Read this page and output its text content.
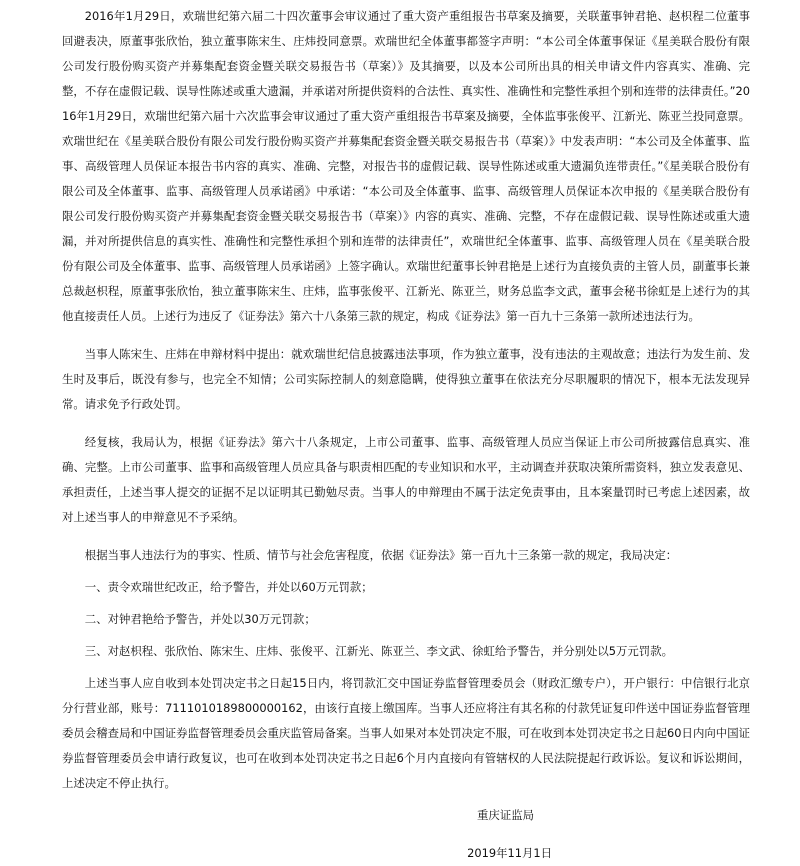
2016年1月29日，欢瑞世纪第六届二十四次董事会审议通过了重大资产重组报告书草案及摘要，关联董事钟君艳、赵枳程二位董事回避表决，原董事张欣怡，独立董事陈宋生、庄炜投同意票。欢瑞世纪全体董事都签字声明：“本公司全体董事保证《星美联合股份有限公司发行股份购买资产并募集配套资金暨关联交易报告书（草案）》及其摘要，以及本公司所出具的相关申请文件内容真实、准确、完整，不存在虚假记载、误导性陈述或重大遗漏，并承诺对所提供资料的合法性、真实性、准确性和完整性承担个别和连带的法律责任。”2016年1月29日，欢瑞世纪第六届十六次监事会审议通过了重大资产重组报告书草案及摘要，全体监事张俊平、江新光、陈亚兰投同意票。欢瑞世纪在《星美联合股份有限公司发行股份购买资产并募集配套资金暨关联交易报告书（草案）》中发表声明：“本公司及全体董事、监事、高级管理人员保证本报告书内容的真实、准确、完整，对报告书的虚假记载、误导性陈述或重大遗漏负连带责任。”《星美联合股份有限公司及全体董事、监事、高级管理人员承诺函》中承诺：“本公司及全体董事、监事、高级管理人员保证本次申报的《星美联合股份有限公司发行股份购买资产并募集配套资金暨关联交易报告书（草案）》内容的真实、准确、完整，不存在虚假记载、误导性陈述或重大遗漏，并对所提供信息的真实性、准确性和完整性承担个别和连带的法律责任”，欢瑞世纪全体董事、监事、高级管理人员在《星美联合股份有限公司及全体董事、监事、高级管理人员承诺函》上签字确认。欢瑞世纪董事长钟君艳是上述行为直接负责的主管人员，副董事长兼总裁赵枳程，原董事张欣怡，独立董事陈宋生、庄炜，监事张俊平、江新光、陈亚兰，财务总监李文武，董事会秘书徐虹是上述行为的其他直接责任人员。上述行为违反了《证券法》第六十八条第三款的规定，构成《证券法》第一百九十三条第一款所述违法行为。

当事人陈宋生、庄炜在申辩材料中提出：就欢瑞世纪信息披露违法事项，作为独立董事，没有违法的主观故意；违法行为发生前、发生时及事后，既没有参与，也完全不知情；公司实际控制人的刻意隐瞒，使得独立董事在依法充分尽职履职的情况下，根本无法发现异常。请求免予行政处罚。

经复核，我局认为，根据《证券法》第六十八条规定，上市公司董事、监事、高级管理人员应当保证上市公司所披露信息真实、准确、完整。上市公司董事、监事和高级管理人员应具备与职责相匹配的专业知识和水平，主动调查并获取决策所需资料，独立发表意见、承担责任，上述当事人提交的证据不足以证明其已勤勉尽责。当事人的申辩理由不属于法定免责事由，且本案量罚时已考虑上述因素，故对上述当事人的申辩意见不予采纳。

根据当事人违法行为的事实、性质、情节与社会危害程度，依据《证券法》第一百九十三条第一款的规定，我局决定：

一、责令欢瑞世纪改正，给予警告，并处以60万元罚款；

二、对钟君艳给予警告，并处以30万元罚款；

三、对赵枳程、张欣怡、陈宋生、庄炜、张俊平、江新光、陈亚兰、李文武、徐虹给予警告，并分别处以5万元罚款。

上述当事人应自收到本处罚决定书之日起15日内，将罚款汇交中国证券监督管理委员会（财政汇缴专户），开户银行：中信银行北京分行营业部，账号：7111010189800000162，由该行直接上缴国库。当事人还应将注有其名称的付款凭证复印件送中国证券监督管理委员会稽查局和中国证券监督管理委员会重庆监管局备案。当事人如果对本处罚决定不服，可在收到本处罚决定书之日起60日内向中国证券监督管理委员会申请行政复议，也可在收到本处罚决定书之日起6个月内直接向有管辖权的人民法院提起行政诉讼。复议和诉讼期间，上述决定不停止执行。

重庆证监局

2019年11月1日
